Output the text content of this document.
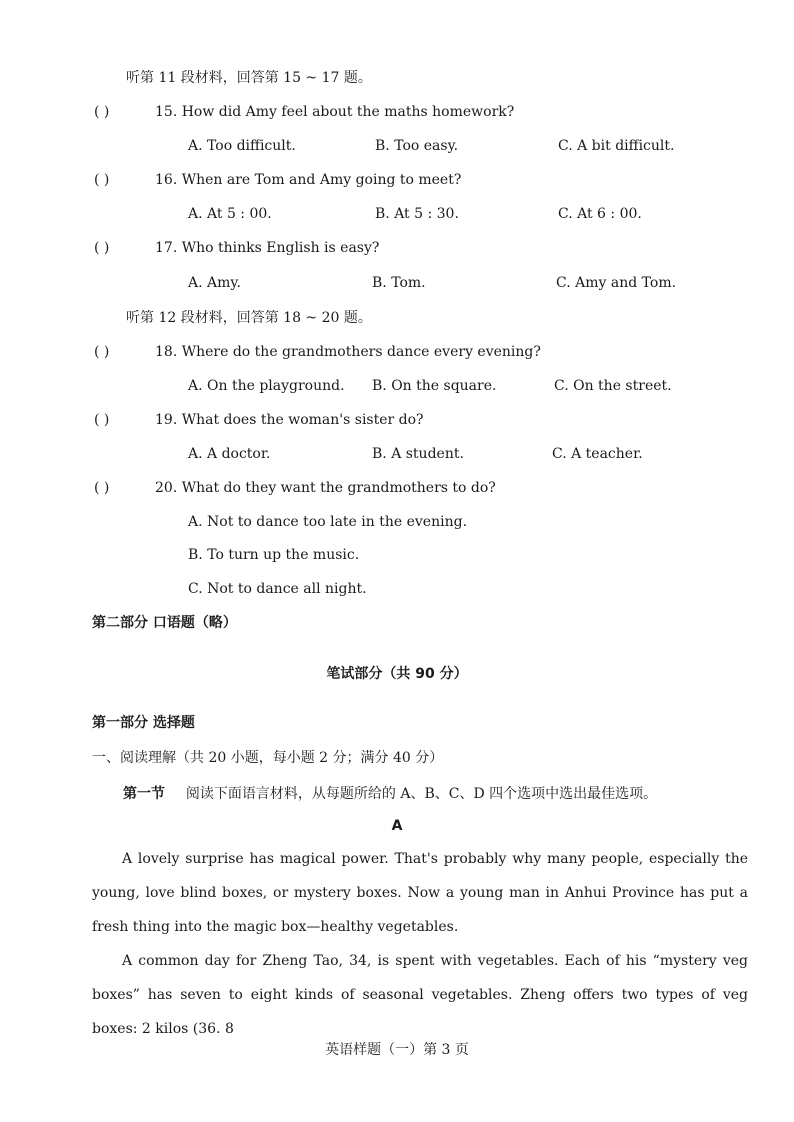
听第 11 段材料，回答第 15 ~ 17 题。
( )	15. How did Amy feel about the maths homework?
A. Too difficult.	B. Too easy.	C. A bit difficult.
( )	16. When are Tom and Amy going to meet?
A. At 5 : 00.	B. At 5 : 30.	C. At 6 : 00.
( )	17. Who thinks English is easy?
A. Amy.	B. Tom.	C. Amy and Tom.
听第 12 段材料，回答第 18 ~ 20 题。
( )	18. Where do the grandmothers dance every evening?
A. On the playground. B. On the square.	C. On the street.
( )	19. What does the woman's sister do?
A. A doctor.	B. A student.	C. A teacher.
( )	20. What do they want the grandmothers to do?
A. Not to dance too late in the evening.
B. To turn up the music.
C. Not to dance all night.
第二部分 口语题（略）
笔试部分（共 90 分）
第一部分 选择题
一、阅读理解（共 20 小题，每小题 2 分；满分 40 分）
第一节 阅读下面语言材料，从每题所给的 A、B、C、D 四个选项中选出最佳选项。
A
A lovely surprise has magical power. That's probably why many people, especially the young, love blind boxes, or mystery boxes. Now a young man in Anhui Province has put a fresh thing into the magic box—healthy vegetables.
A common day for Zheng Tao, 34, is spent with vegetables. Each of his “mystery veg boxes” has seven to eight kinds of seasonal vegetables. Zheng offers two types of veg boxes: 2 kilos (36. 8
英语样题（一）第 3 页
